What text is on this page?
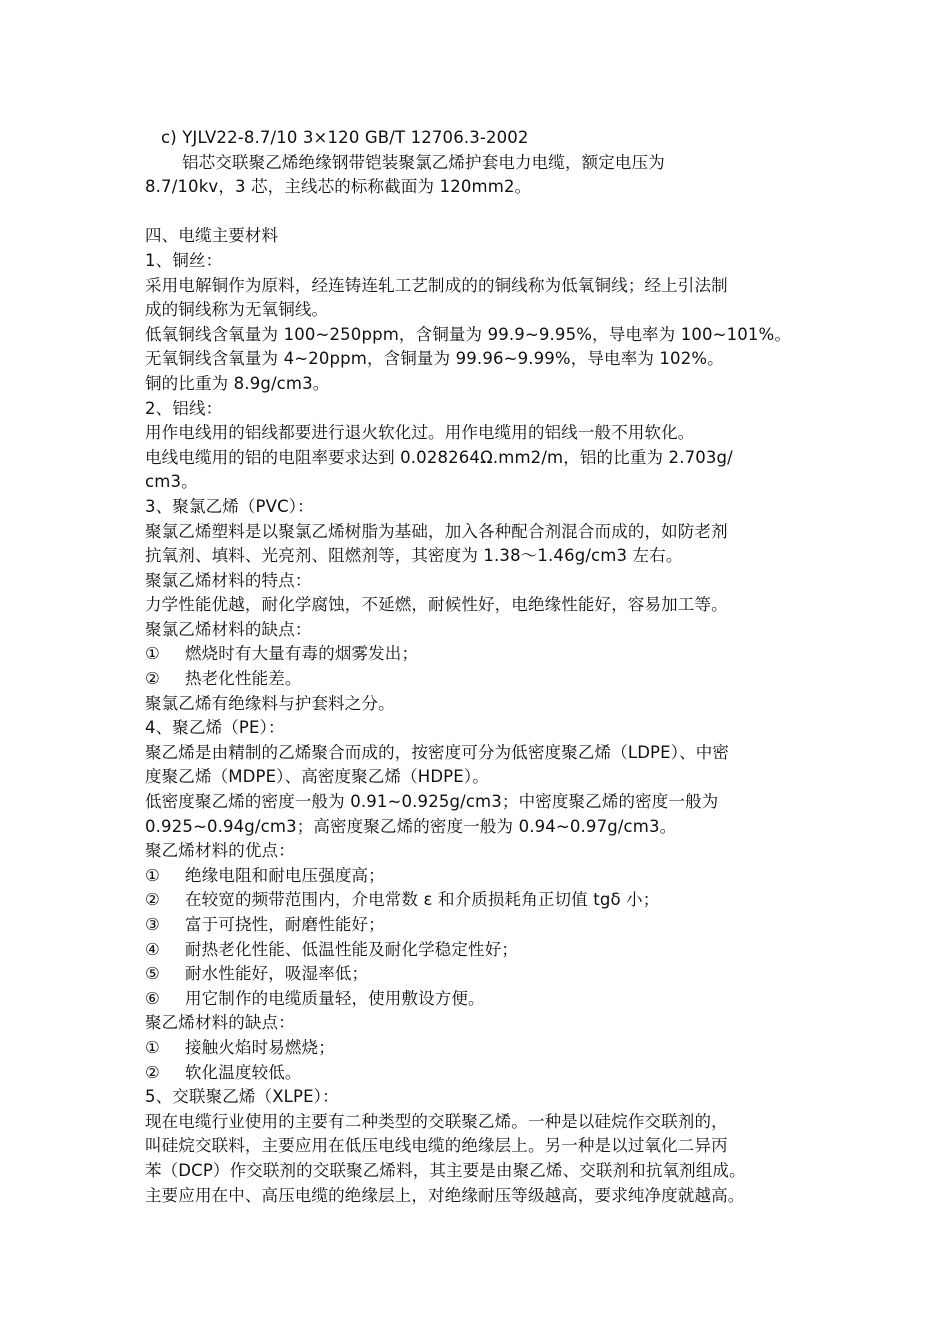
c) YJLV22-8.7/10 3×120 GB/T 12706.3-2002
铝芯交联聚乙烯绝缘钢带铠装聚氯乙烯护套电力电缆，额定电压为
8.7/10kv，3 芯，主线芯的标称截面为 120mm2。
四、电缆主要材料
1、铜丝：
采用电解铜作为原料，经连铸连轧工艺制成的的铜线称为低氧铜线；经上引法制
成的铜线称为无氧铜线。
低氧铜线含氧量为 100~250ppm，含铜量为 99.9~9.95%，导电率为 100~101%。
无氧铜线含氧量为 4~20ppm，含铜量为 99.96~9.99%，导电率为 102%。
铜的比重为 8.9g/cm3。
2、铝线：
用作电线用的铝线都要进行退火软化过。用作电缆用的铝线一般不用软化。
电线电缆用的铝的电阻率要求达到 0.028264Ω.mm2/m，铝的比重为 2.703g/
cm3。
3、聚氯乙烯（PVC）：
聚氯乙烯塑料是以聚氯乙烯树脂为基础，加入各种配合剂混合而成的，如防老剂
抗氧剂、填料、光亮剂、阻燃剂等，其密度为 1.38～1.46g/cm3 左右。
聚氯乙烯材料的特点：
力学性能优越，耐化学腐蚀，不延燃，耐候性好，电绝缘性能好，容易加工等。
聚氯乙烯材料的缺点：
① 燃烧时有大量有毒的烟雾发出；
② 热老化性能差。
聚氯乙烯有绝缘料与护套料之分。
4、聚乙烯（PE）：
聚乙烯是由精制的乙烯聚合而成的，按密度可分为低密度聚乙烯（LDPE）、中密
度聚乙烯（MDPE）、高密度聚乙烯（HDPE）。
低密度聚乙烯的密度一般为 0.91~0.925g/cm3；中密度聚乙烯的密度一般为
0.925~0.94g/cm3；高密度聚乙烯的密度一般为 0.94~0.97g/cm3。
聚乙烯材料的优点：
① 绝缘电阻和耐电压强度高；
② 在较宽的频带范围内，介电常数 ε 和介质损耗角正切值 tgδ 小；
③ 富于可挠性，耐磨性能好；
④ 耐热老化性能、低温性能及耐化学稳定性好；
⑤ 耐水性能好，吸湿率低；
⑥ 用它制作的电缆质量轻，使用敷设方便。
聚乙烯材料的缺点：
① 接触火焰时易燃烧；
② 软化温度较低。
5、交联聚乙烯（XLPE）：
现在电缆行业使用的主要有二种类型的交联聚乙烯。一种是以硅烷作交联剂的，
叫硅烷交联料，主要应用在低压电线电缆的绝缘层上。另一种是以过氧化二异丙
苯（DCP）作交联剂的交联聚乙烯料，其主要是由聚乙烯、交联剂和抗氧剂组成。
主要应用在中、高压电缆的绝缘层上，对绝缘耐压等级越高，要求纯净度就越高。
